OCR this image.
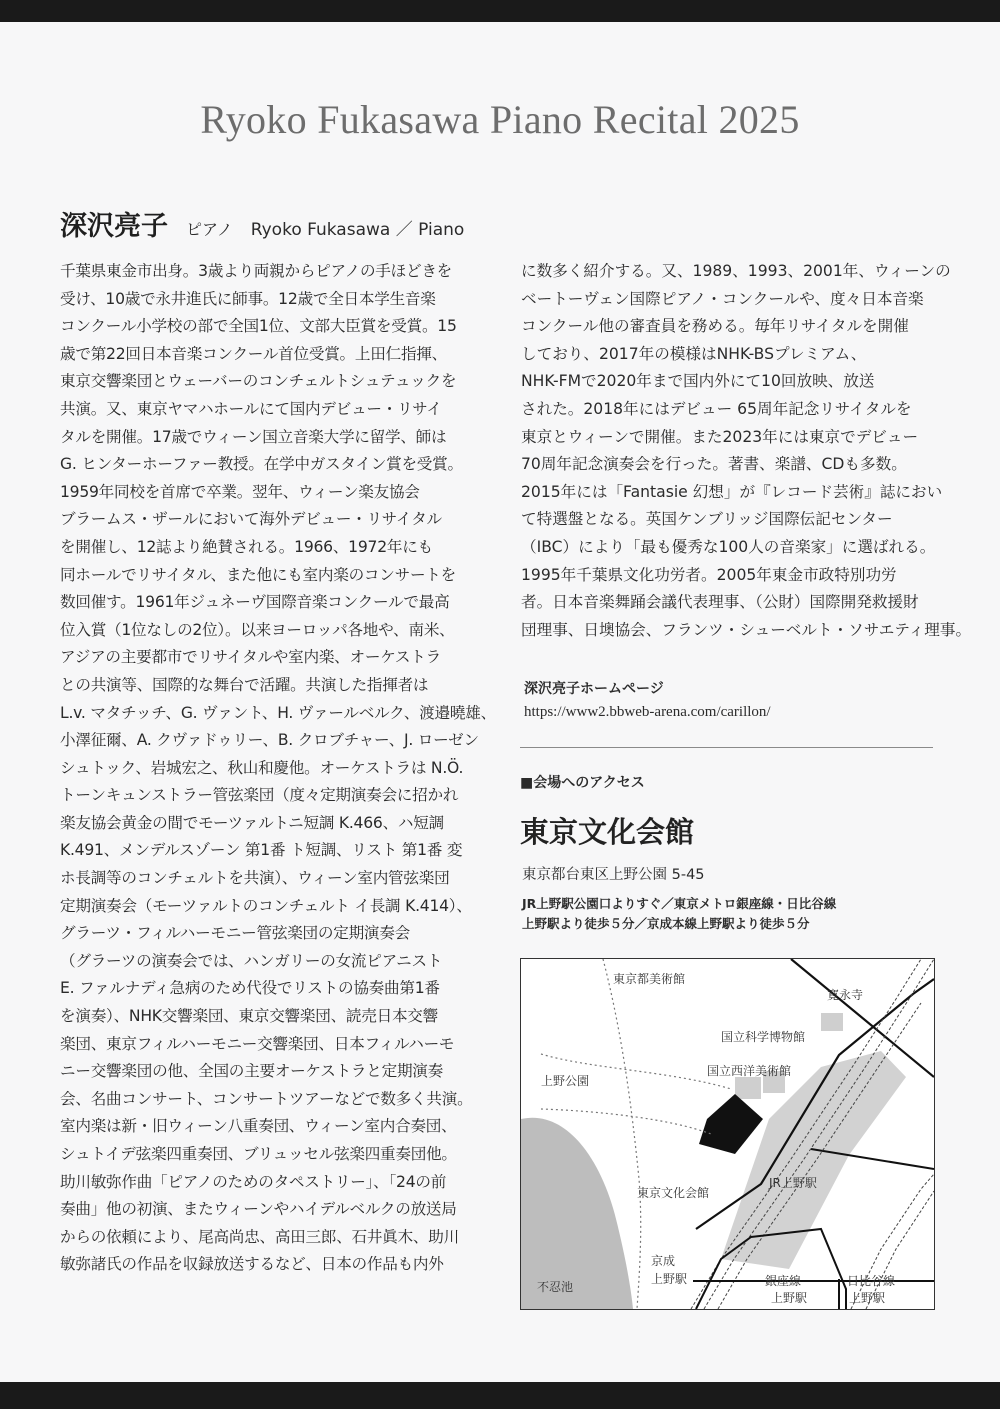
Ryoko Fukasawa Piano Recital 2025
深沢亮子 ピアノ Ryoko Fukasawa ／ Piano
千葉県東金市出身。3歳より両親からピアノの手ほどきを
受け、10歳で永井進氏に師事。12歳で全日本学生音楽
コンクール小学校の部で全国1位、文部大臣賞を受賞。15
歳で第22回日本音楽コンクール首位受賞。上田仁指揮、
東京交響楽団とウェーバーのコンチェルトシュテュックを
共演。又、東京ヤマハホールにて国内デビュー・リサイ
タルを開催。17歳でウィーン国立音楽大学に留学、師は
G. ヒンターホーファー教授。在学中ガスタイン賞を受賞。
1959年同校を首席で卒業。翌年、ウィーン楽友協会
ブラームス・ザールにおいて海外デビュー・リサイタル
を開催し、12誌より絶賛される。1966、1972年にも
同ホールでリサイタル、また他にも室内楽のコンサートを
数回催す。1961年ジュネーヴ国際音楽コンクールで最高
位入賞（1位なしの2位）。以来ヨーロッパ各地や、南米、
アジアの主要都市でリサイタルや室内楽、オーケストラ
との共演等、国際的な舞台で活躍。共演した指揮者は
L.v. マタチッチ、G. ヴァント、H. ヴァールベルク、渡邉曉雄、
小澤征爾、A. クヴァドゥリー、B. クロブチャー、J. ローゼン
シュトック、岩城宏之、秋山和慶他。オーケストラは N.Ö.
トーンキュンストラー管弦楽団（度々定期演奏会に招かれ
楽友協会黄金の間でモーツァルトニ短調 K.466、ハ短調
K.491、メンデルスゾーン 第1番 ト短調、リスト 第1番 変
ホ長調等のコンチェルトを共演）、ウィーン室内管弦楽団
定期演奏会（モーツァルトのコンチェルト イ長調 K.414）、
グラーツ・フィルハーモニー管弦楽団の定期演奏会
（グラーツの演奏会では、ハンガリーの女流ピアニスト
E. ファルナディ急病のため代役でリストの協奏曲第1番
を演奏）、NHK交響楽団、東京交響楽団、読売日本交響
楽団、東京フィルハーモニー交響楽団、日本フィルハーモ
ニー交響楽団の他、全国の主要オーケストラと定期演奏
会、名曲コンサート、コンサートツアーなどで数多く共演。
室内楽は新・旧ウィーン八重奏団、ウィーン室内合奏団、
シュトイデ弦楽四重奏団、ブリュッセル弦楽四重奏団他。
助川敏弥作曲「ピアノのためのタペストリー」、「24の前
奏曲」他の初演、またウィーンやハイデルベルクの放送局
からの依頼により、尾高尚忠、高田三郎、石井眞木、助川
敏弥諸氏の作品を収録放送するなど、日本の作品も内外
に数多く紹介する。又、1989、1993、2001年、ウィーンの
ベートーヴェン国際ピアノ・コンクールや、度々日本音楽
コンクール他の審査員を務める。毎年リサイタルを開催
しており、2017年の模様はNHK-BSプレミアム、
NHK-FMで2020年まで国内外にて10回放映、放送
された。2018年にはデビュー 65周年記念リサイタルを
東京とウィーンで開催。また2023年には東京でデビュー
70周年記念演奏会を行った。著書、楽譜、CDも多数。
2015年には「Fantasie 幻想」が『レコード芸術』誌におい
て特選盤となる。英国ケンブリッジ国際伝記センター
（IBC）により「最も優秀な100人の音楽家」に選ばれる。
1995年千葉県文化功労者。2005年東金市政特別功労
者。日本音楽舞踊会議代表理事、（公財）国際開発救援財
団理事、日墺協会、フランツ・シューベルト・ソサエティ理事。
深沢亮子ホームページ
https://www2.bbweb-arena.com/carillon/
■会場へのアクセス
東京文化会館
東京都台東区上野公園 5-45
JR上野駅公園口よりすぐ／東京メトロ銀座線・日比谷線
上野駅より徒歩５分／京成本線上野駅より徒歩５分
東京都美術館
寛永寺
国立科学博物館
国立西洋美術館
上野公園
東京文化会館
JR上野駅
京成
上野駅
不忍池	銀座線
上野駅
日比谷線
上野駅
